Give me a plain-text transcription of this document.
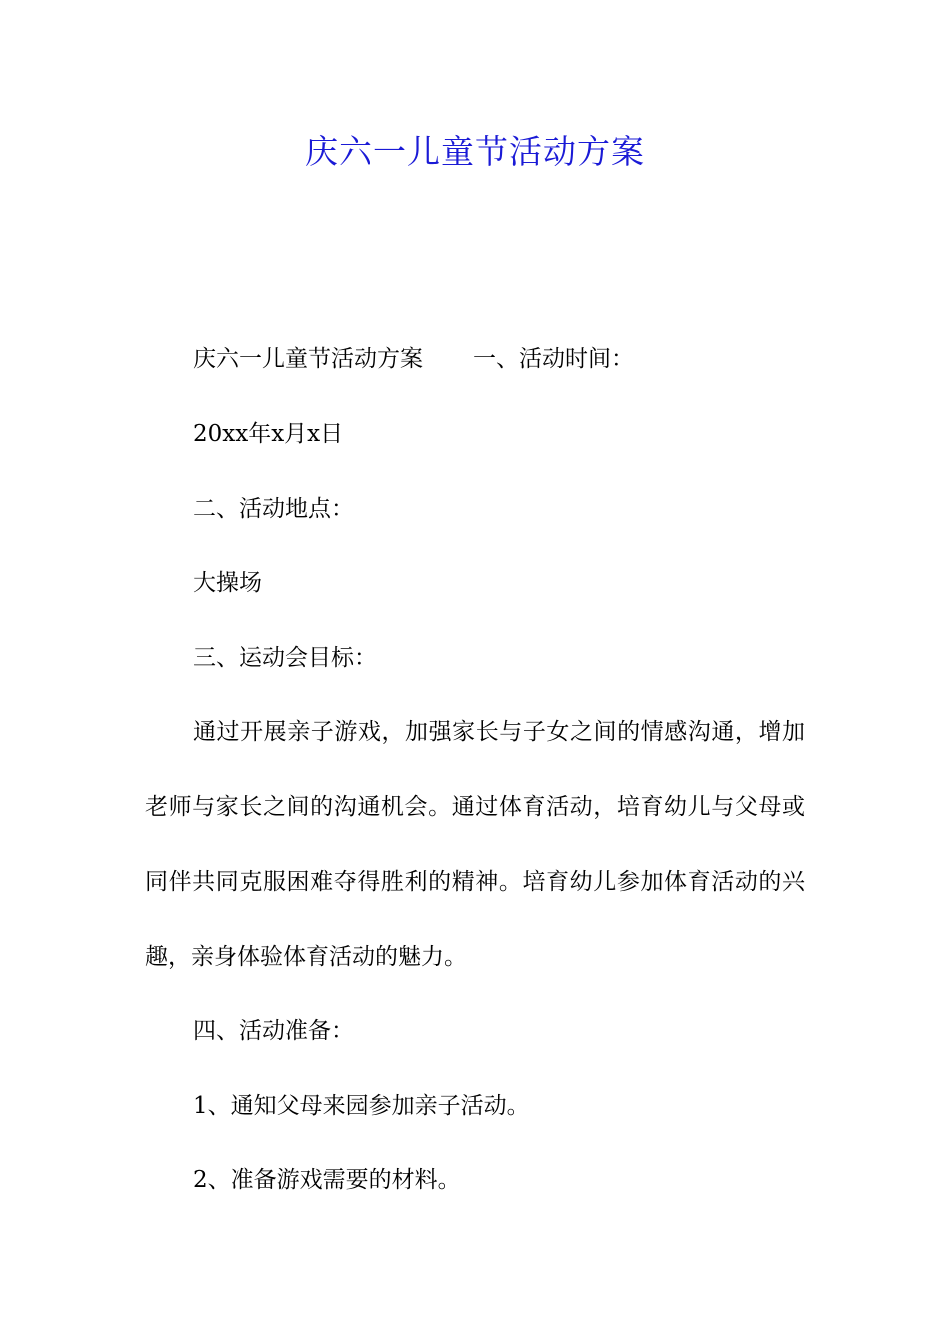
庆六一儿童节活动方案

庆六一儿童节活动方案 一、活动时间：

20xx年x月x日

二、活动地点：

大操场

三、运动会目标：

通过开展亲子游戏，加强家长与子女之间的情感沟通，增加老师与家长之间的沟通机会。通过体育活动，培育幼儿与父母或同伴共同克服困难夺得胜利的精神。培育幼儿参加体育活动的兴趣，亲身体验体育活动的魅力。

四、活动准备：

1、通知父母来园参加亲子活动。

2、准备游戏需要的材料。
